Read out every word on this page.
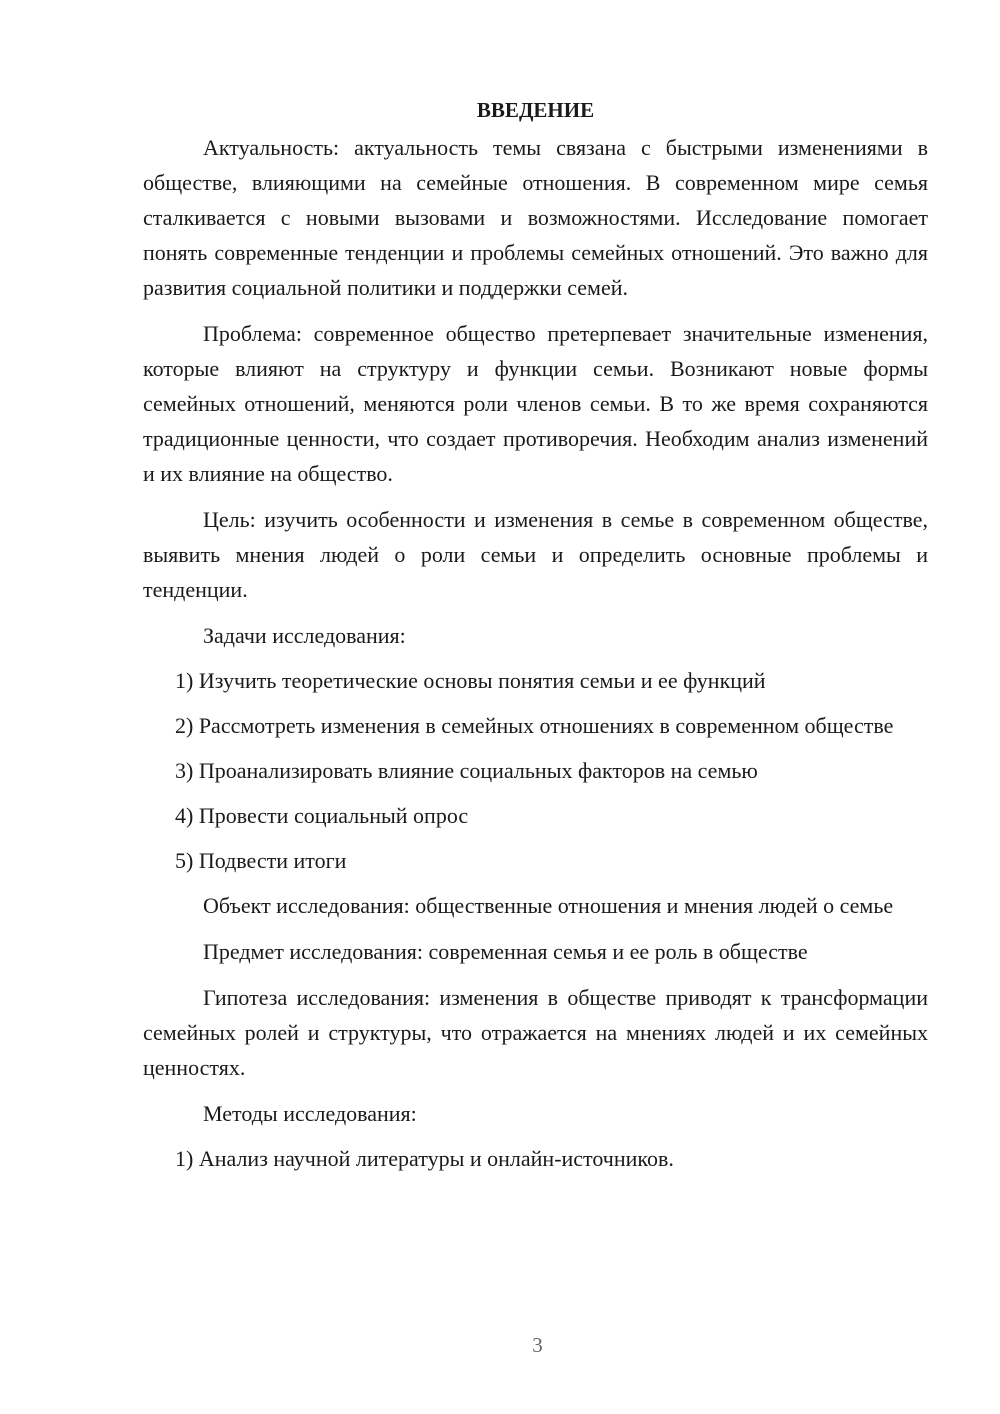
ВВЕДЕНИЕ

Актуальность: актуальность темы связана с быстрыми изменениями в обществе, влияющими на семейные отношения. В современном мире семья сталкивается с новыми вызовами и возможностями. Исследование помогает понять современные тенденции и проблемы семейных отношений. Это важно для развития социальной политики и поддержки семей.

Проблема: современное общество претерпевает значительные изменения, которые влияют на структуру и функции семьи. Возникают новые формы семейных отношений, меняются роли членов семьи. В то же время сохраняются традиционные ценности, что создает противоречия. Необходим анализ изменений и их влияние на общество.

Цель: изучить особенности и изменения в семье в современном обществе, выявить мнения людей о роли семьи и определить основные проблемы и тенденции.

Задачи исследования:

1) Изучить теоретические основы понятия семьи и ее функций

2) Рассмотреть изменения в семейных отношениях в современном обществе

3) Проанализировать влияние социальных факторов на семью

4) Провести социальный опрос

5) Подвести итоги

Объект исследования: общественные отношения и мнения людей о семье

Предмет исследования: современная семья и ее роль в обществе

Гипотеза исследования: изменения в обществе приводят к трансформации семейных ролей и структуры, что отражается на мнениях людей и их семейных ценностях.

Методы исследования:

1) Анализ научной литературы и онлайн-источников.

3
